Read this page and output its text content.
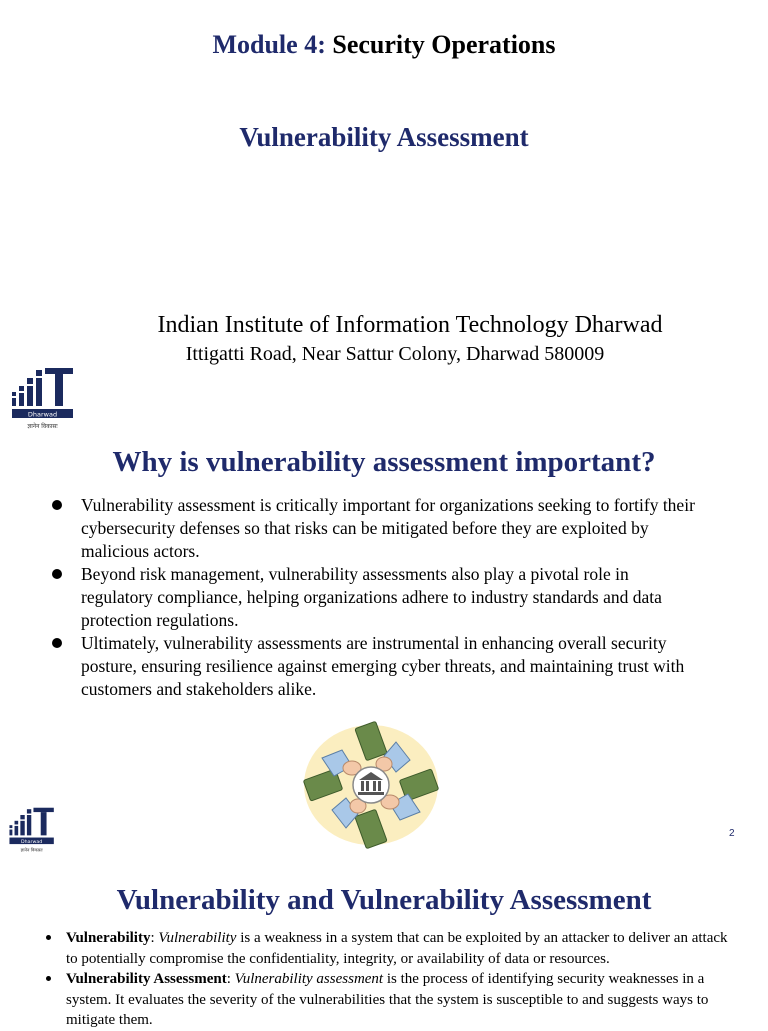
Module 4: Security Operations
Vulnerability Assessment
Indian Institute of Information Technology Dharwad
Ittigatti Road, Near Sattur Colony, Dharwad 580009
Dharwad
ज्ञानेन विकासः
Why is vulnerability assessment important?
Vulnerability assessment is critically important for organizations seeking to fortify their cybersecurity defenses so that risks can be mitigated before they are exploited by malicious actors.
Beyond risk management, vulnerability assessments also play a pivotal role in regulatory compliance, helping organizations adhere to industry standards and data protection regulations.
Ultimately, vulnerability assessments are instrumental in enhancing overall security posture, ensuring resilience against emerging cyber threats, and maintaining trust with customers and stakeholders alike.
2
Dharwad
ज्ञानेन विकासः
Vulnerability and Vulnerability Assessment
Vulnerability: Vulnerability is a weakness in a system that can be exploited by an attacker to deliver an attack to potentially compromise the confidentiality, integrity, or availability of data or resources.
Vulnerability Assessment: Vulnerability assessment is the process of identifying security weaknesses in a system. It evaluates the severity of the vulnerabilities that the system is susceptible to and suggests ways to mitigate them.
